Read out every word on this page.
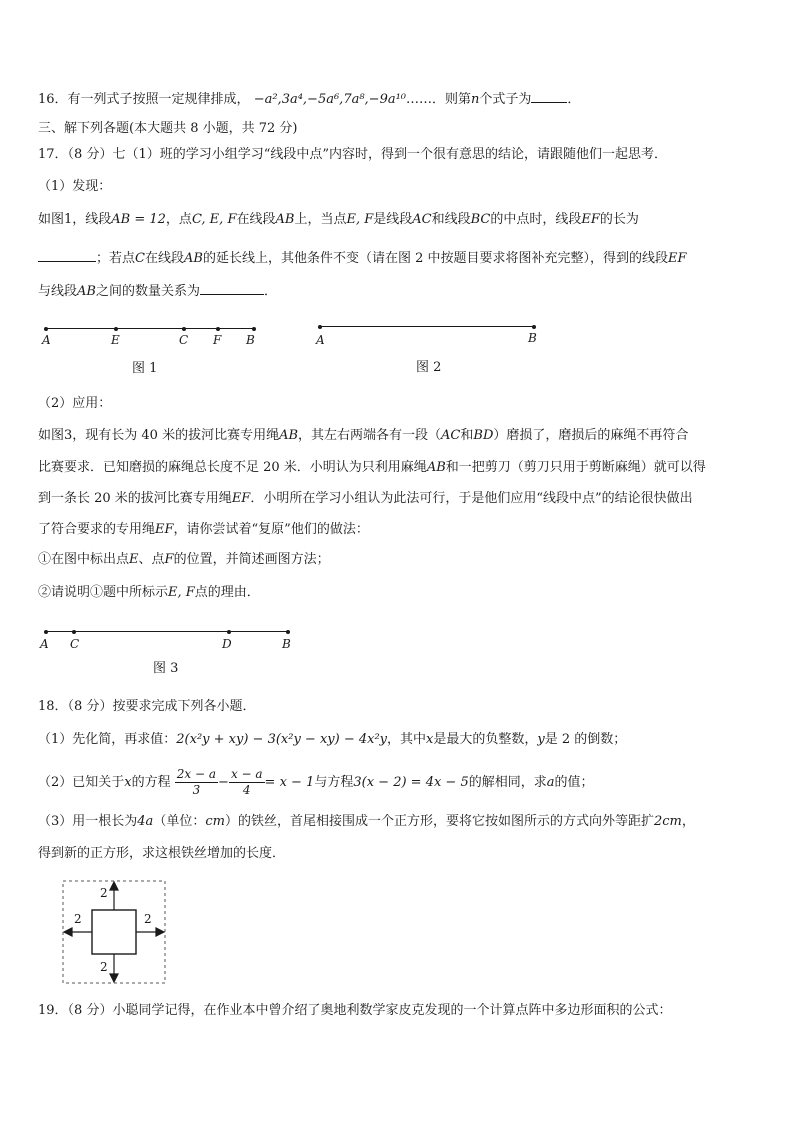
16．有一列式子按照一定规律排成， −a²,3a⁴,−5a⁶,7a⁸,−9a¹⁰……．则第n个式子为	．
三、解下列各题(本大题共 8 小题，共 72 分)
17．（8 分）七（1）班的学习小组学习“线段中点”内容时，得到一个很有意思的结论，请跟随他们一起思考．
（1）发现：
如图1，线段AB = 12，点C, E, F在线段AB上，当点E, F是线段AC和线段BC的中点时，线段EF的长为
；若点C在线段AB的延长线上，其他条件不变（请在图 2 中按题目要求将图补充完整），得到的线段EF
与线段AB之间的数量关系为	．
A	E	C F B
图 1
A	B
图 2
（2）应用：
如图3，现有长为 40 米的拔河比赛专用绳AB，其左右两端各有一段（AC和BD）磨损了，磨损后的麻绳不再符合
比赛要求．已知磨损的麻绳总长度不足 20 米．小明认为只利用麻绳AB和一把剪刀（剪刀只用于剪断麻绳）就可以得
到一条长 20 米的拔河比赛专用绳EF．小明所在学习小组认为此法可行，于是他们应用“线段中点”的结论很快做出
了符合要求的专用绳EF，请你尝试着“复原”他们的做法：
①在图中标出点E、点F的位置，并简述画图方法；
②请说明①题中所标示E, F点的理由．
A C	D	B
图 3
18．（8 分）按要求完成下列各小题．
（1）先化简，再求值：2(x²y + xy) − 3(x²y − xy) − 4x²y，其中x是最大的负整数，y是 2 的倒数；
（2）已知关于x的方程 $\frac{2x - a}{3} - \frac{x - a}{4} = x - 1$与方程3(x − 2) = 4x − 5的解相同，求a的值；
（3）用一根长为4a（单位：cm）的铁丝，首尾相接围成一个正方形，要将它按如图所示的方式向外等距扩2cm，
得到新的正方形，求这根铁丝增加的长度．
2
2	2
2
19．（8 分）小聪同学记得，在作业本中曾介绍了奥地利数学家皮克发现的一个计算点阵中多边形面积的公式：
